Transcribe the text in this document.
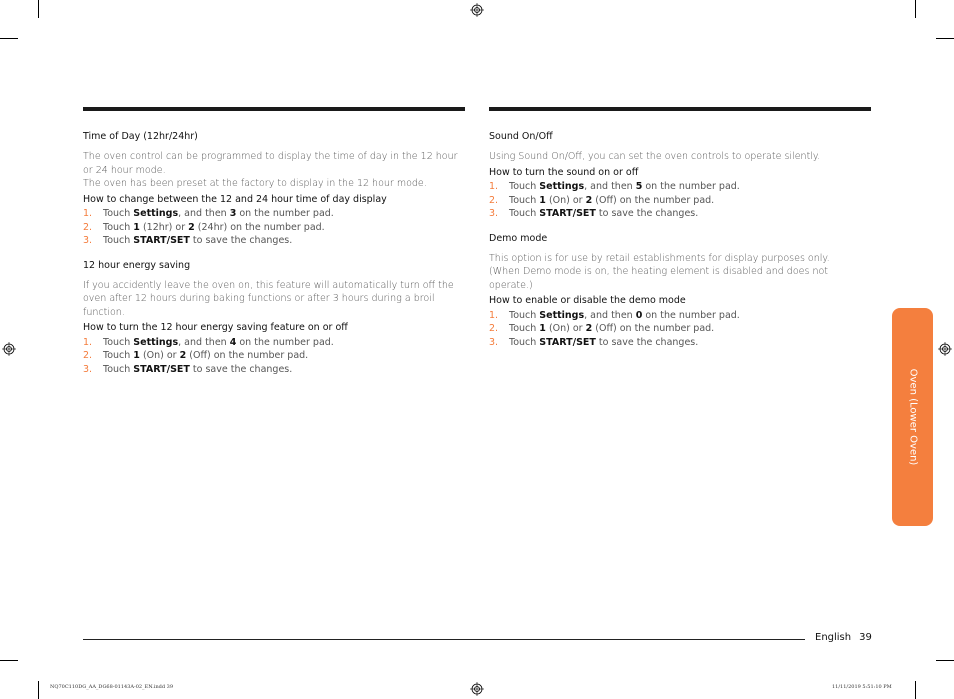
Time of Day (12hr/24hr)

The oven control can be programmed to display the time of day in the 12 hour or 24 hour mode.

The oven has been preset at the factory to display in the 12 hour mode.

How to change between the 12 and 24 hour time of day display
1. Touch Settings, and then 3 on the number pad.
2. Touch 1 (12hr) or 2 (24hr) on the number pad.
3. Touch START/SET to save the changes.
12 hour energy saving

If you accidently leave the oven on, this feature will automatically turn off the oven after 12 hours during baking functions or after 3 hours during a broil function.

How to turn the 12 hour energy saving feature on or off
1. Touch Settings, and then 4 on the number pad.
2. Touch 1 (On) or 2 (Off) on the number pad.
3. Touch START/SET to save the changes.
Sound On/Off

Using Sound On/Off, you can set the oven controls to operate silently.

How to turn the sound on or off
1. Touch Settings, and then 5 on the number pad.
2. Touch 1 (On) or 2 (Off) on the number pad.
3. Touch START/SET to save the changes.
Demo mode

This option is for use by retail establishments for display purposes only.

(When Demo mode is on, the heating element is disabled and does not operate.)

How to enable or disable the demo mode
1. Touch Settings, and then 0 on the number pad.
2. Touch 1 (On) or 2 (Off) on the number pad.
3. Touch START/SET to save the changes.
Oven (Lower Oven)
English 39
NQ70C110DG_AA_DG68-01143A-02_EN.indd 39	11/11/2019 5:51:10 PM
